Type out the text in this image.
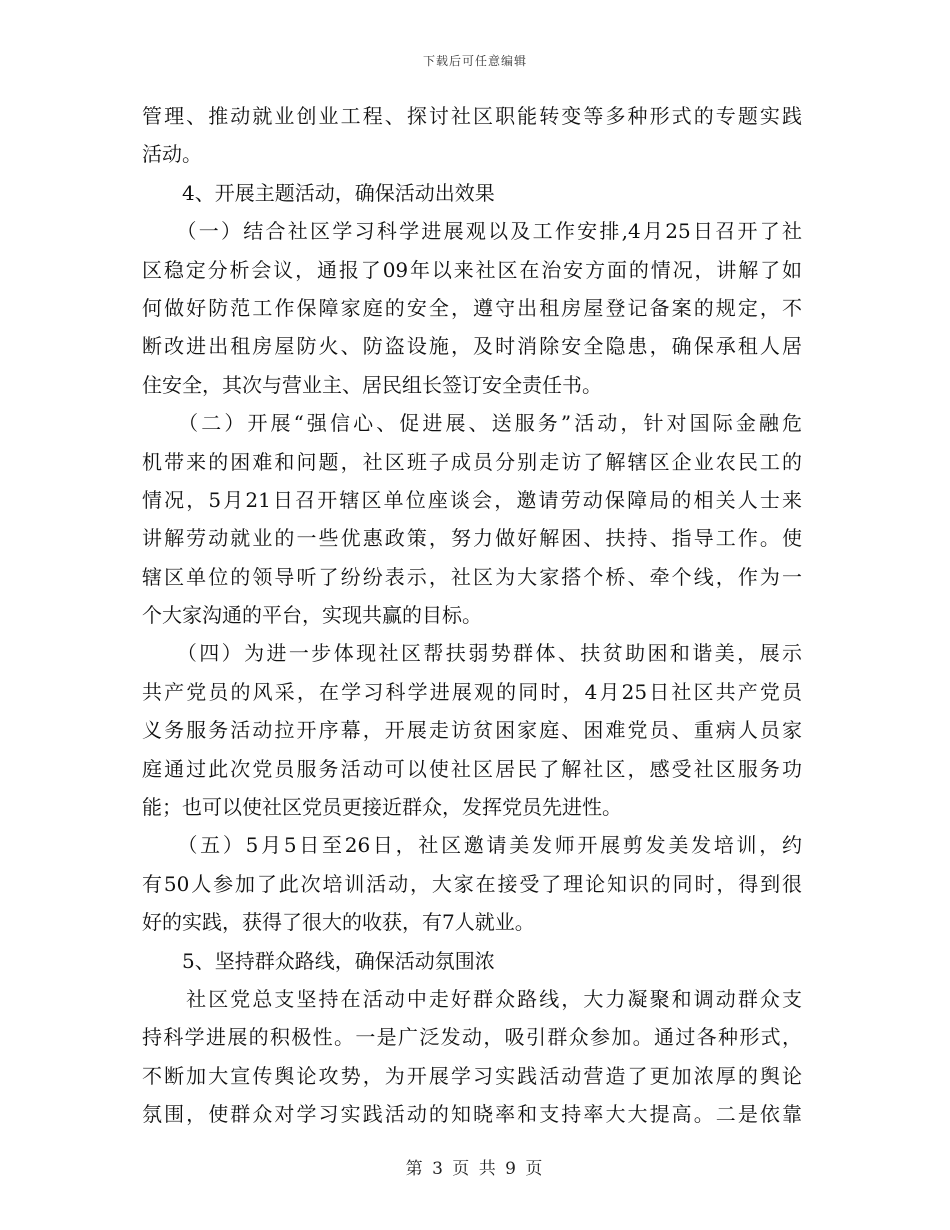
下载后可任意编辑
管理、推动就业创业工程、探讨社区职能转变等多种形式的专题实践
活动。
　　4、开展主题活动，确保活动出效果
　　（一）结合社区学习科学进展观以及工作安排,4月25日召开了社
区稳定分析会议，通报了09年以来社区在治安方面的情况，讲解了如
何做好防范工作保障家庭的安全，遵守出租房屋登记备案的规定，不
断改进出租房屋防火、防盗设施，及时消除安全隐患，确保承租人居
住安全，其次与营业主、居民组长签订安全责任书。
　　（二）开展“强信心、促进展、送服务”活动，针对国际金融危
机带来的困难和问题，社区班子成员分别走访了解辖区企业农民工的
情况，5月21日召开辖区单位座谈会，邀请劳动保障局的相关人士来
讲解劳动就业的一些优惠政策，努力做好解困、扶持、指导工作。使
辖区单位的领导听了纷纷表示，社区为大家搭个桥、牵个线，作为一
个大家沟通的平台，实现共赢的目标。
　　（四）为进一步体现社区帮扶弱势群体、扶贫助困和谐美，展示
共产党员的风采，在学习科学进展观的同时，4月25日社区共产党员
义务服务活动拉开序幕，开展走访贫困家庭、困难党员、重病人员家
庭通过此次党员服务活动可以使社区居民了解社区，感受社区服务功
能；也可以使社区党员更接近群众，发挥党员先进性。
　　（五）5月5日至26日，社区邀请美发师开展剪发美发培训，约
有50人参加了此次培训活动，大家在接受了理论知识的同时，得到很
好的实践，获得了很大的收获，有7人就业。
　　5、坚持群众路线，确保活动氛围浓
　　社区党总支坚持在活动中走好群众路线，大力凝聚和调动群众支
持科学进展的积极性。一是广泛发动，吸引群众参加。通过各种形式，
不断加大宣传舆论攻势，为开展学习实践活动营造了更加浓厚的舆论
氛围，使群众对学习实践活动的知晓率和支持率大大提高。二是依靠
第 3 页 共 9 页
